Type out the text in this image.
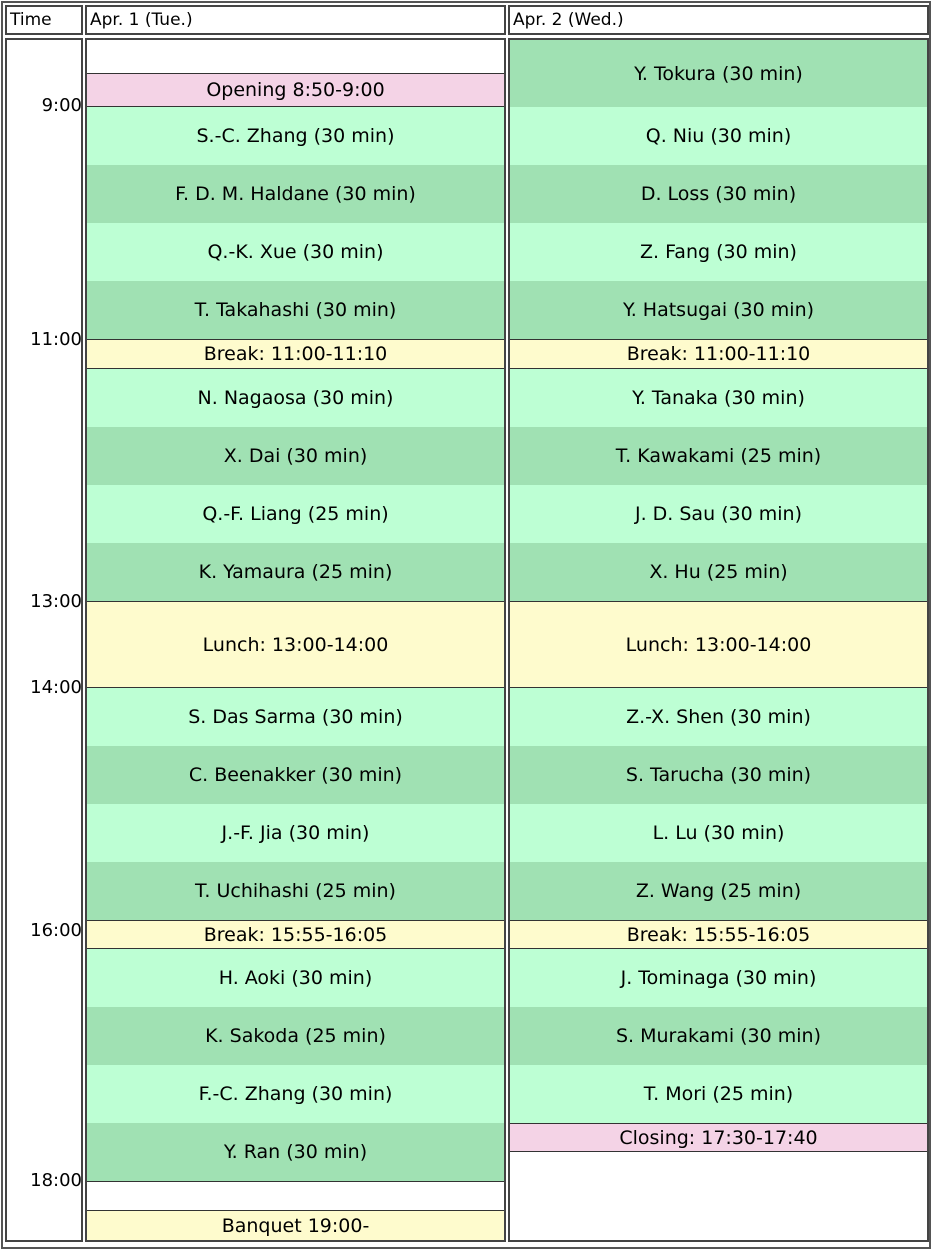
Time	Apr. 1 (Tue.)	Apr. 2 (Wed.)
9:00
11:00
13:00
14:00
16:00
18:00
Opening 8:50-9:00
S.-C. Zhang (30 min)
F. D. M. Haldane (30 min)
Q.-K. Xue (30 min)
T. Takahashi (30 min)
Break: 11:00-11:10
N. Nagaosa (30 min)
X. Dai (30 min)
Q.-F. Liang (25 min)
K. Yamaura (25 min)
Lunch: 13:00-14:00
S. Das Sarma (30 min)
C. Beenakker (30 min)
J.-F. Jia (30 min)
T. Uchihashi (25 min)
Break: 15:55-16:05
H. Aoki (30 min)
K. Sakoda (25 min)
F.-C. Zhang (30 min)
Y. Ran (30 min)
Banquet 19:00-
Y. Tokura (30 min)
Q. Niu (30 min)
D. Loss (30 min)
Z. Fang (30 min)
Y. Hatsugai (30 min)
Break: 11:00-11:10
Y. Tanaka (30 min)
T. Kawakami (25 min)
J. D. Sau (30 min)
X. Hu (25 min)
Lunch: 13:00-14:00
Z.-X. Shen (30 min)
S. Tarucha (30 min)
L. Lu (30 min)
Z. Wang (25 min)
Break: 15:55-16:05
J. Tominaga (30 min)
S. Murakami (30 min)
T. Mori (25 min)
Closing: 17:30-17:40
